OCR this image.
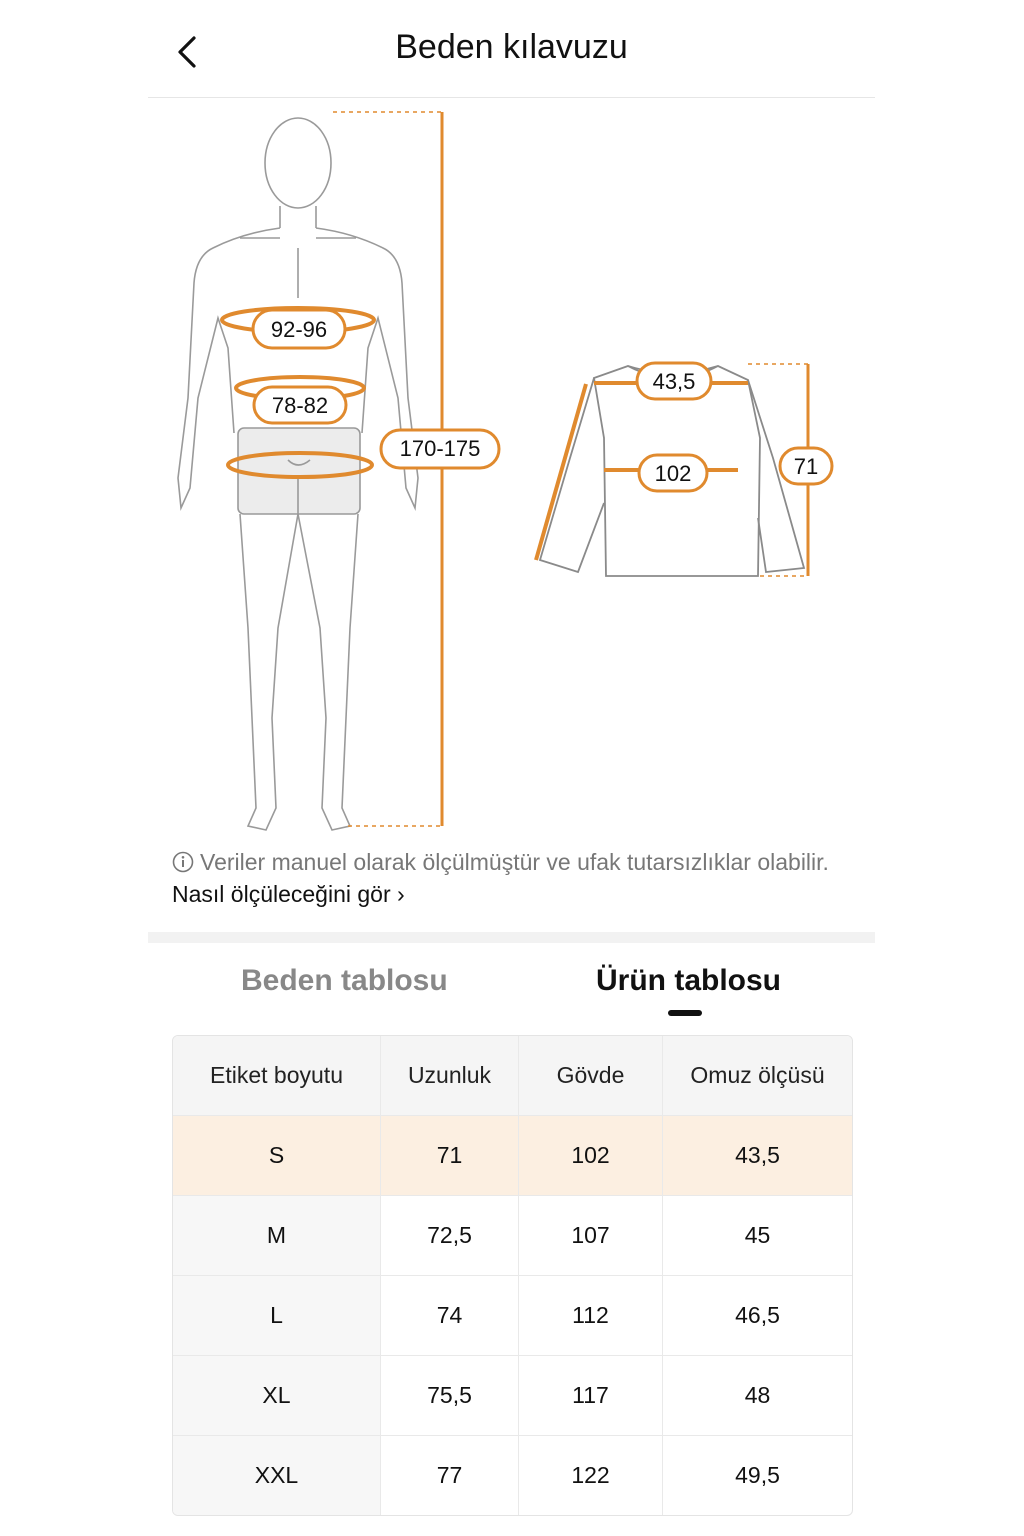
Beden kılavuzu
92-96
78-82
170-175
43,5
102	71
Veriler manuel olarak ölçülmüştür ve ufak tutarsızlıklar olabilir. Nasıl ölçüleceğini gör ›
Beden tablosu	Ürün tablosu
Etiket boyutu	Uzunluk	Gövde	Omuz ölçüsü
S	71	102	43,5
M	72,5	107	45
L	74	112	46,5
XL	75,5	117	48
XXL	77	122	49,5
